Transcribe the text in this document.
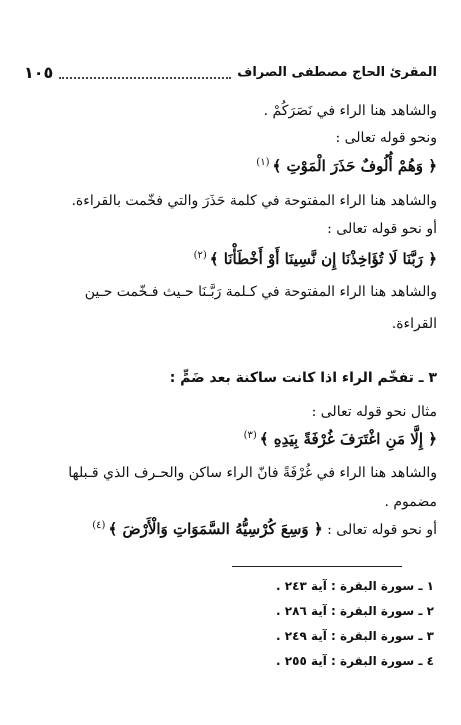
المقرئ الحاج مصطفى الصراف
١٠٥
والشاهد هنا الراء في نَصَرَكُمْ .
ونحو قوله تعالى :
﴿ وَهُمْ أُلُوفٌ حَذَرَ الْمَوْتِ ﴾$^{(١)}$
والشاهد هنا الراء المفتوحة في كلمة حَذَرَ والتي فخّمت بالقراءة.
أو نحو قوله تعالى :
﴿ رَبَّنَا لَا تُؤَاخِذْنَا إِن نَّسِينَا أَوْ أَخْطَأْنَا ﴾$^{(٢)}$
والشاهد هنا الراء المفتوحة في كـلمة رَبَّـنَا حـيث فـخّمت حـين
القراءة.
٣ ـ تفخّم الراء اذا كانت ساكنة بعد ضَمٍّ :
مثال نحو قوله تعالى :
﴿ إِلَّا مَنِ اغْتَرَفَ غُرْفَةً بِيَدِهِ ﴾$^{(٣)}$
والشاهد هنا الراء في غُرْفَةً فانّ الراء ساكن والحـرف الذي قـبلها
مضموم .
أو نحو قوله تعالى : ﴿ وَسِعَ كُرْسِيُّهُ السَّمَوَاتِ وَالْأَرْضَ ﴾$^{(٤)}$
١ ـ سورة البقرة : آية ٢٤٣ .
٢ ـ سورة البقرة : آية ٢٨٦ .
٣ ـ سورة البقرة : آية ٢٤٩ .
٤ ـ سورة البقرة : آية ٢٥٥ .
